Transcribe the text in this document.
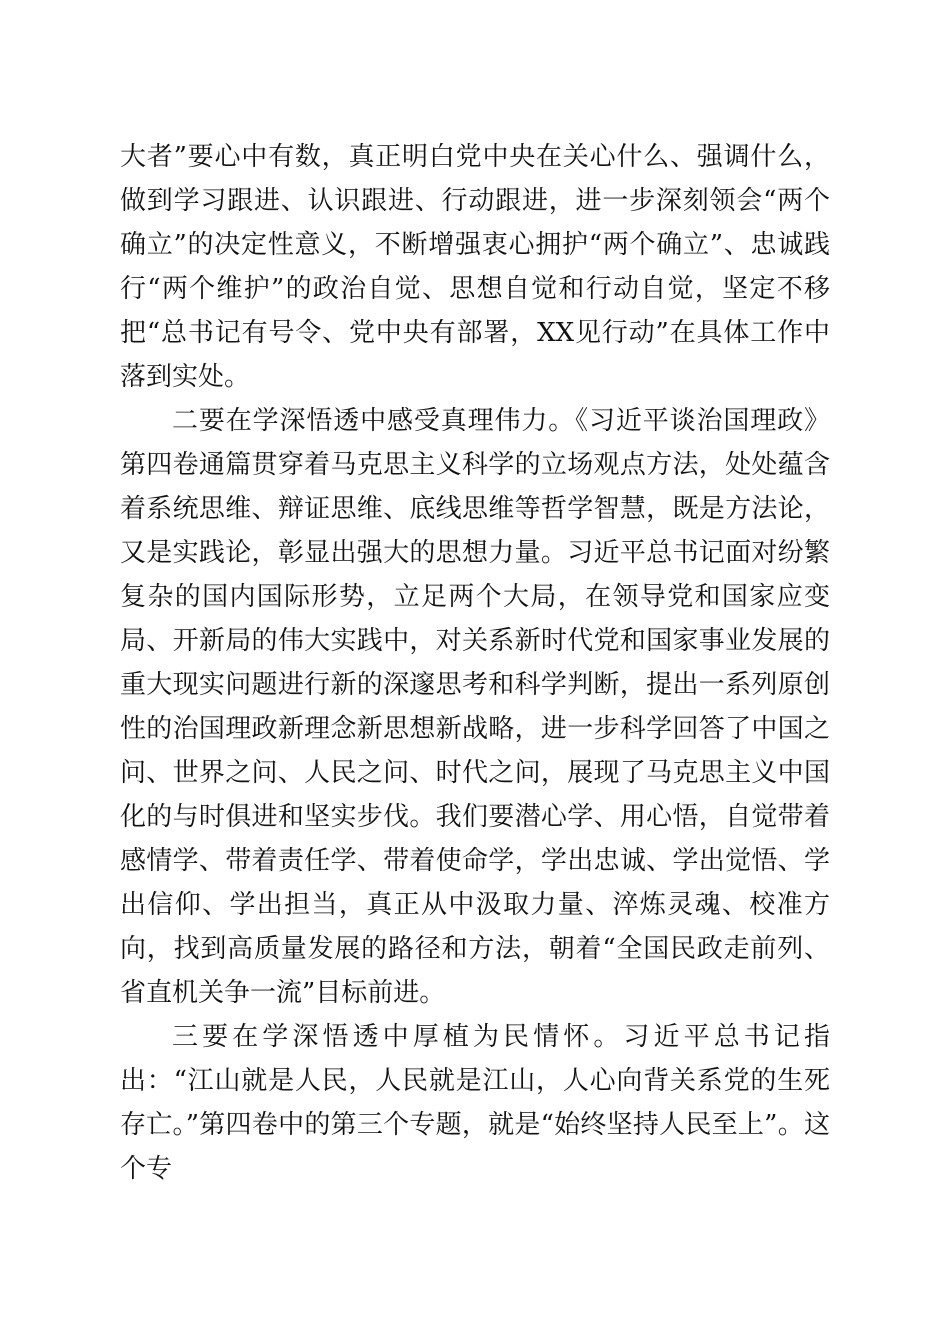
大者”要心中有数，真正明白党中央在关心什么、强调什么，做到学习跟进、认识跟进、行动跟进，进一步深刻领会“两个确立”的决定性意义，不断增强衷心拥护“两个确立”、忠诚践行“两个维护”的政治自觉、思想自觉和行动自觉，坚定不移把“总书记有号令、党中央有部署，XX见行动”在具体工作中落到实处。

二要在学深悟透中感受真理伟力。《习近平谈治国理政》第四卷通篇贯穿着马克思主义科学的立场观点方法，处处蕴含着系统思维、辩证思维、底线思维等哲学智慧，既是方法论，又是实践论，彰显出强大的思想力量。习近平总书记面对纷繁复杂的国内国际形势，立足两个大局，在领导党和国家应变局、开新局的伟大实践中，对关系新时代党和国家事业发展的重大现实问题进行新的深邃思考和科学判断，提出一系列原创性的治国理政新理念新思想新战略，进一步科学回答了中国之问、世界之问、人民之问、时代之问，展现了马克思主义中国化的与时俱进和坚实步伐。我们要潜心学、用心悟，自觉带着感情学、带着责任学、带着使命学，学出忠诚、学出觉悟、学出信仰、学出担当，真正从中汲取力量、淬炼灵魂、校准方向，找到高质量发展的路径和方法，朝着“全国民政走前列、省直机关争一流”目标前进。

三要在学深悟透中厚植为民情怀。习近平总书记指出：“江山就是人民，人民就是江山，人心向背关系党的生死存亡。”第四卷中的第三个专题，就是“始终坚持人民至上”。这个专
